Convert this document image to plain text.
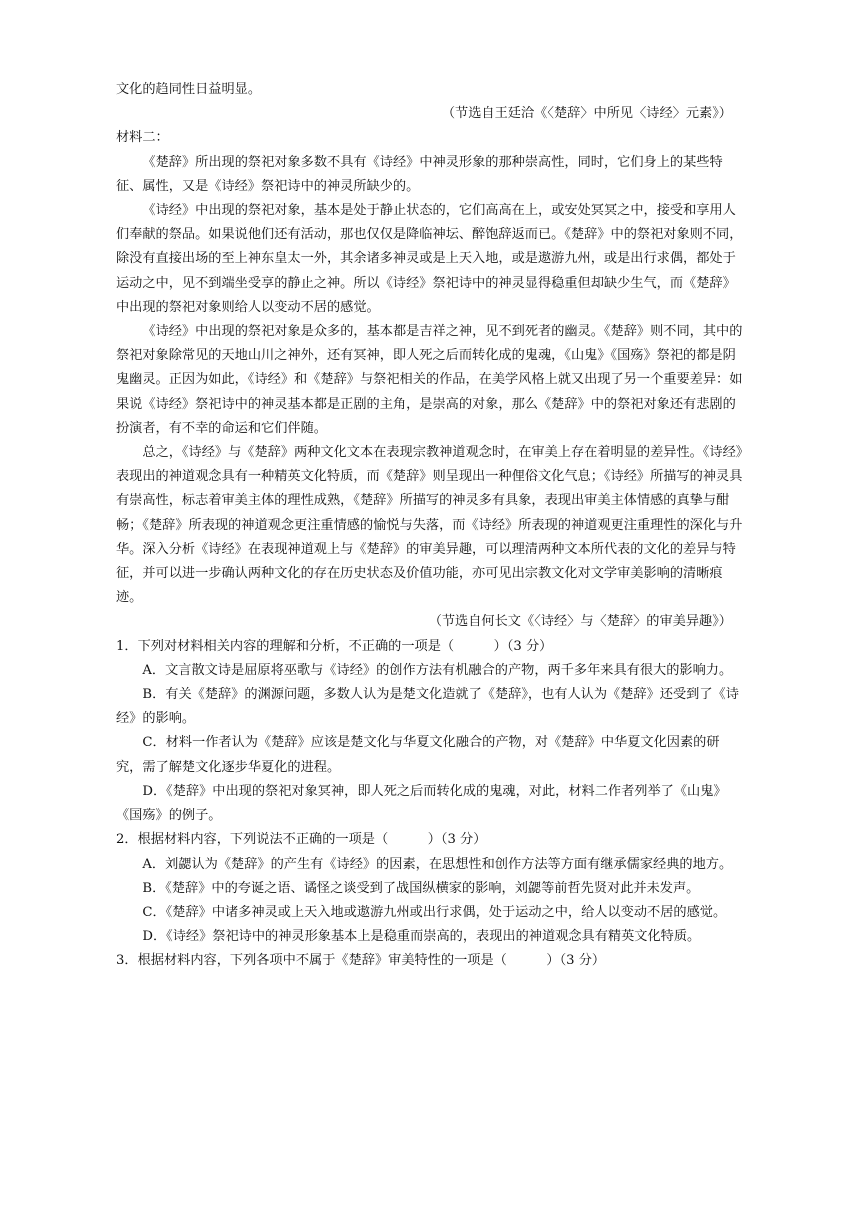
文化的趋同性日益明显。

（节选自王廷洽《〈楚辞〉中所见〈诗经〉元素》）

材料二：

《楚辞》所出现的祭祀对象多数不具有《诗经》中神灵形象的那种崇高性，同时，它们身上的某些特征、属性，又是《诗经》祭祀诗中的神灵所缺少的。

《诗经》中出现的祭祀对象，基本是处于静止状态的，它们高高在上，或安处冥冥之中，接受和享用人们奉献的祭品。如果说他们还有活动，那也仅仅是降临神坛、醉饱辞返而已。《楚辞》中的祭祀对象则不同，除没有直接出场的至上神东皇太一外，其余诸多神灵或是上天入地，或是遨游九州，或是出行求偶，都处于运动之中，见不到端坐受享的静止之神。所以《诗经》祭祀诗中的神灵显得稳重但却缺少生气，而《楚辞》中出现的祭祀对象则给人以变动不居的感觉。

《诗经》中出现的祭祀对象是众多的，基本都是吉祥之神，见不到死者的幽灵。《楚辞》则不同，其中的祭祀对象除常见的天地山川之神外，还有冥神，即人死之后而转化成的鬼魂，《山鬼》《国殇》祭祀的都是阴鬼幽灵。正因为如此，《诗经》和《楚辞》与祭祀相关的作品，在美学风格上就又出现了另一个重要差异：如果说《诗经》祭祀诗中的神灵基本都是正剧的主角，是崇高的对象，那么《楚辞》中的祭祀对象还有悲剧的扮演者，有不幸的命运和它们伴随。

总之，《诗经》与《楚辞》两种文化文本在表现宗教神道观念时，在审美上存在着明显的差异性。《诗经》表现出的神道观念具有一种精英文化特质，而《楚辞》则呈现出一种俚俗文化气息；《诗经》所描写的神灵具有崇高性，标志着审美主体的理性成熟，《楚辞》所描写的神灵多有具象，表现出审美主体情感的真挚与酣畅；《楚辞》所表现的神道观念更注重情感的愉悦与失落，而《诗经》所表现的神道观更注重理性的深化与升华。深入分析《诗经》在表现神道观上与《楚辞》的审美异趣，可以理清两种文本所代表的文化的差异与特征，并可以进一步确认两种文化的存在历史状态及价值功能，亦可见出宗教文化对文学审美影响的清晰痕迹。

（节选自何长文《〈诗经〉与〈楚辞〉的审美异趣》）

1．下列对材料相关内容的理解和分析，不正确的一项是（　　　）（3 分）

A．文言散文诗是屈原将巫歌与《诗经》的创作方法有机融合的产物，两千多年来具有很大的影响力。

B．有关《楚辞》的渊源问题，多数人认为是楚文化造就了《楚辞》，也有人认为《楚辞》还受到了《诗经》的影响。

C．材料一作者认为《楚辞》应该是楚文化与华夏文化融合的产物，对《楚辞》中华夏文化因素的研究，需了解楚文化逐步华夏化的进程。

D．《楚辞》中出现的祭祀对象冥神，即人死之后而转化成的鬼魂，对此，材料二作者列举了《山鬼》《国殇》的例子。

2．根据材料内容，下列说法不正确的一项是（　　　）（3 分）

A．刘勰认为《楚辞》的产生有《诗经》的因素，在思想性和创作方法等方面有继承儒家经典的地方。

B．《楚辞》中的夸诞之语、谲怪之谈受到了战国纵横家的影响，刘勰等前哲先贤对此并未发声。

C．《楚辞》中诸多神灵或上天入地或遨游九州或出行求偶，处于运动之中，给人以变动不居的感觉。

D．《诗经》祭祀诗中的神灵形象基本上是稳重而崇高的，表现出的神道观念具有精英文化特质。

3．根据材料内容，下列各项中不属于《楚辞》审美特性的一项是（　　　）（3 分）
